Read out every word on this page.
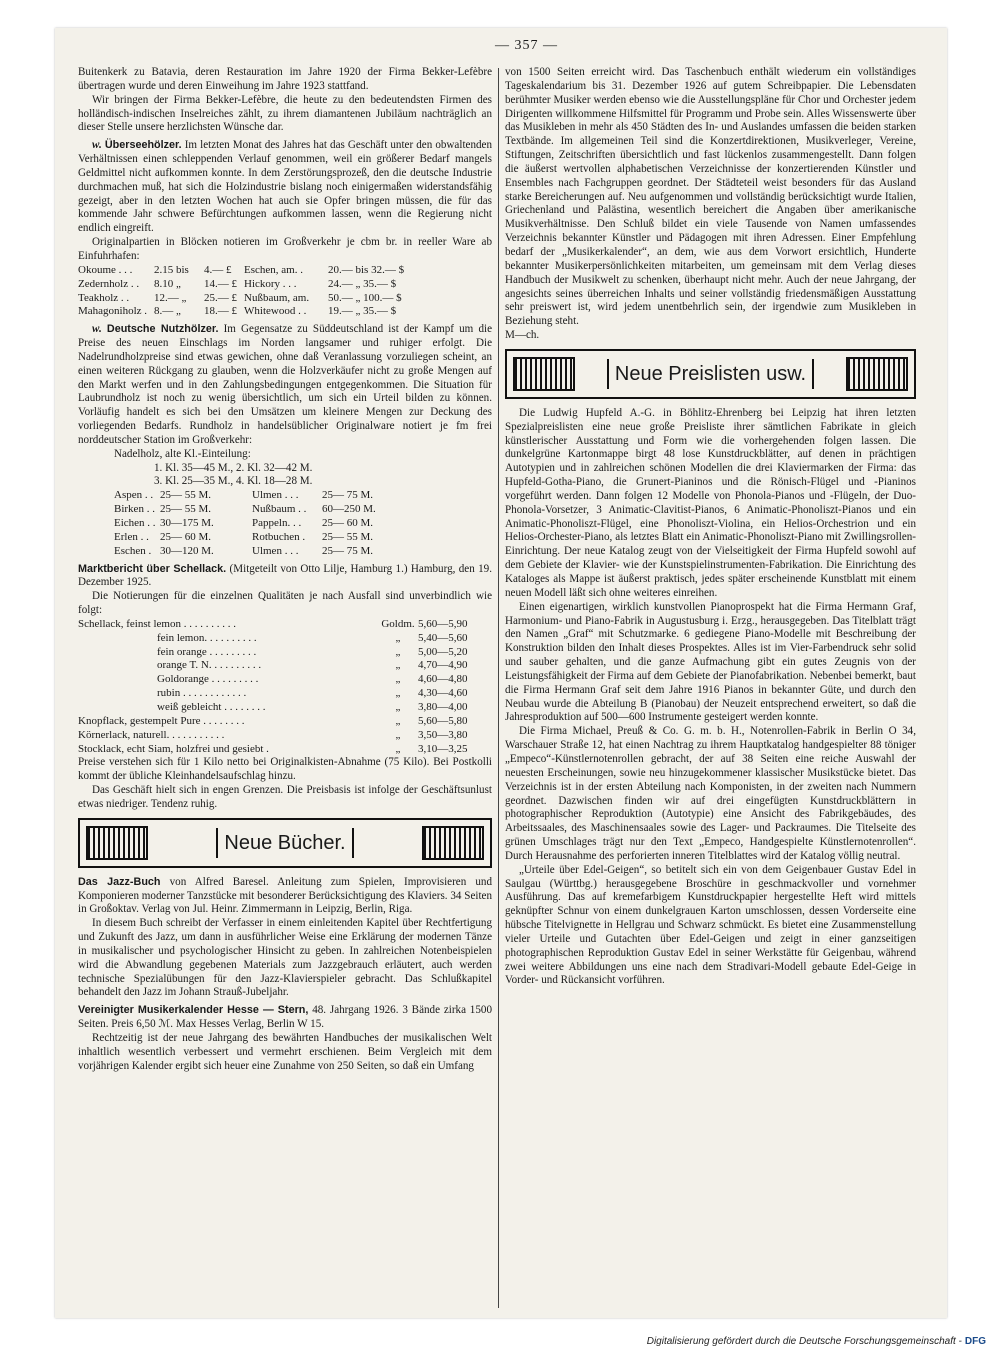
— 357 —

Buitenkerk zu Batavia, deren Restauration im Jahre 1920 der Firma Bekker-Lefèbre übertragen wurde und deren Einweihung im Jahre 1923 stattfand.

Wir bringen der Firma Bekker-Lefèbre, die heute zu den bedeutendsten Firmen des holländisch-indischen Inselreiches zählt, zu ihrem diamantenen Jubiläum nachträglich an dieser Stelle unsere herzlichsten Wünsche dar.

w. Überseehölzer. Im letzten Monat des Jahres hat das Geschäft unter den obwaltenden Verhältnissen einen schleppenden Verlauf genommen, weil ein größerer Bedarf mangels Geldmittel nicht aufkommen konnte. In dem Zerstörungsprozeß, den die deutsche Industrie durchmachen muß, hat sich die Holzindustrie bislang noch einigermaßen widerstandsfähig gezeigt, aber in den letzten Wochen hat auch sie Opfer bringen müssen, die für das kommende Jahr schwere Befürchtungen aufkommen lassen, wenn die Regierung nicht endlich eingreift.

Originalpartien in Blöcken notieren im Großverkehr je cbm br. in reeller Ware ab Einfuhrhafen:

Okoume . . . 2.15 bis 4.— £ Eschen, am. . 20.— bis 32.— $
Zedernholz . . 8.10 „ 14.— £ Hickory . . .	24.— „ 35.— $
Teakholz . . 12.— „ 25.— £ Nußbaum, am. 50.— „ 100.— $
Mahagoniholz . 8.— „ 18.— £ Whitewood . . 19.— „ 35.— $

w. Deutsche Nutzhölzer. Im Gegensatze zu Süddeutschland ist der Kampf um die Preise des neuen Einschlags im Norden langsamer und ruhiger erfolgt. Die Nadelrundholzpreise sind etwas gewichen, ohne daß Veranlassung vorzuliegen scheint, an einen weiteren Rückgang zu glauben, wenn die Holzverkäufer nicht zu große Mengen auf den Markt werfen und in den Zahlungsbedingungen entgegenkommen. Die Situation für Laubrundholz ist noch zu wenig übersichtlich, um sich ein Urteil bilden zu können. Vorläufig handelt es sich bei den Umsätzen um kleinere Mengen zur Deckung des vorliegenden Bedarfs. Rundholz in handelsüblicher Originalware notiert je fm frei norddeutscher Station im Großverkehr:

Nadelholz, alte Kl.-Einteilung:

1. Kl. 35—45 M., 2. Kl. 32—42 M.

3. Kl. 25—35 M., 4. Kl. 18—28 M.

Aspen . . 25— 55 M.	Ulmen . . . 25— 75 M.
Birken . . 25— 55 M.	Nußbaum . . 60—250 M.
Eichen . . 30—175 M.	Pappeln. . . 25— 60 M.
Erlen . . 25— 60 M.	Rotbuchen . 25— 55 M.
Eschen . 30—120 M.	Ulmen . . . 25— 75 M.

Marktbericht über Schellack. (Mitgeteilt von Otto Lilje, Hamburg 1.) Hamburg, den 19. Dezember 1925.

Die Notierungen für die einzelnen Qualitäten je nach Ausfall sind unverbindlich wie folgt:

Schellack, feinst lemon . . . . . . . . . .	Goldm. 5,60—5,90
fein lemon. . . . . . . . . .	„ 5,40—5,60
fein orange . . . . . . . . .	„ 5,00—5,20
orange T. N. . . . . . . . . .	„ 4,70—4,90
Goldorange . . . . . . . . .	„ 4,60—4,80
rubin . . . . . . . . . . . .	„ 4,30—4,60
weiß gebleicht . . . . . . . .	„ 3,80—4,00
Knopflack, gestempelt Pure . . . . . . . .	„ 5,60—5,80
Körnerlack, naturell. . . . . . . . . . .	„ 3,50—3,80
Stocklack, echt Siam, holzfrei und gesiebt .	„ 3,10—3,25

Preise verstehen sich für 1 Kilo netto bei Originalkisten-Abnahme (75 Kilo). Bei Postkolli kommt der übliche Kleinhandelsaufschlag hinzu.

Das Geschäft hielt sich in engen Grenzen. Die Preisbasis ist infolge der Geschäftsunlust etwas niedriger. Tendenz ruhig.

Neue Bücher.

Das Jazz-Buch von Alfred Baresel. Anleitung zum Spielen, Improvisieren und Komponieren moderner Tanzstücke mit besonderer Berücksichtigung des Klaviers. 34 Seiten in Großoktav. Verlag von Jul. Heinr. Zimmermann in Leipzig, Berlin, Riga.

In diesem Buch schreibt der Verfasser in einem einleitenden Kapitel über Rechtfertigung und Zukunft des Jazz, um dann in ausführlicher Weise eine Erklärung der modernen Tänze in musikalischer und psychologischer Hinsicht zu geben. In zahlreichen Notenbeispielen wird die Abwandlung gegebenen Materials zum Jazzgebrauch erläutert, auch werden technische Spezialübungen für den Jazz-Klavierspieler gebracht. Das Schlußkapitel behandelt den Jazz im Johann Strauß-Jubeljahr.

Vereinigter Musikerkalender Hesse — Stern, 48. Jahrgang 1926. 3 Bände zirka 1500 Seiten. Preis 6,50 ℳ. Max Hesses Verlag, Berlin W 15.

Rechtzeitig ist der neue Jahrgang des bewährten Handbuches der musikalischen Welt inhaltlich wesentlich verbessert und vermehrt erschienen. Beim Vergleich mit dem vorjährigen Kalender ergibt sich heuer eine Zunahme von 250 Seiten, so daß ein Umfang

von 1500 Seiten erreicht wird. Das Taschenbuch enthält wiederum ein vollständiges Tageskalendarium bis 31. Dezember 1926 auf gutem Schreibpapier. Die Lebensdaten berühmter Musiker werden ebenso wie die Ausstellungspläne für Chor und Orchester jedem Dirigenten willkommene Hilfsmittel für Programm und Probe sein. Alles Wissenswerte über das Musikleben in mehr als 450 Städten des In- und Auslandes umfassen die beiden starken Textbände. Im allgemeinen Teil sind die Konzertdirektionen, Musikverleger, Vereine, Stiftungen, Zeitschriften übersichtlich und fast lückenlos zusammengestellt. Dann folgen die äußerst wertvollen alphabetischen Verzeichnisse der konzertierenden Künstler und Ensembles nach Fachgruppen geordnet. Der Städteteil weist besonders für das Ausland starke Bereicherungen auf. Neu aufgenommen und vollständig berücksichtigt wurde Italien, Griechenland und Palästina, wesentlich bereichert die Angaben über amerikanische Musikverhältnisse. Den Schluß bildet ein viele Tausende von Namen umfassendes Verzeichnis bekannter Künstler und Pädagogen mit ihren Adressen. Einer Empfehlung bedarf der „Musikerkalender“, an dem, wie aus dem Vorwort ersichtlich, Hunderte bekannter Musikerpersönlichkeiten mitarbeiten, um gemeinsam mit dem Verlag dieses Handbuch der Musikwelt zu schenken, überhaupt nicht mehr. Auch der neue Jahrgang, der angesichts seines überreichen Inhalts und seiner vollständig friedensmäßigen Ausstattung sehr preiswert ist, wird jedem unentbehrlich sein, der irgendwie zum Musikleben in Beziehung steht.

M—ch.

Neue Preislisten usw.

Die Ludwig Hupfeld A.-G. in Böhlitz-Ehrenberg bei Leipzig hat ihren letzten Spezialpreislisten eine neue große Preisliste ihrer sämtlichen Fabrikate in gleich künstlerischer Ausstattung und Form wie die vorhergehenden folgen lassen. Die dunkelgrüne Kartonmappe birgt 48 lose Kunstdruckblätter, auf denen in prächtigen Autotypien und in zahlreichen schönen Modellen die drei Klaviermarken der Firma: das Hupfeld-Gotha-Piano, die Grunert-Pianinos und die Rönisch-Flügel und -Pianinos vorgeführt werden. Dann folgen 12 Modelle von Phonola-Pianos und -Flügeln, der Duo-Phonola-Vorsetzer, 3 Animatic-Clavitist-Pianos, 6 Animatic-Phonoliszt-Pianos und ein Animatic-Phonoliszt-Flügel, eine Phonoliszt-Violina, ein Helios-Orchestrion und ein Helios-Orchester-Piano, als letztes Blatt ein Animatic-Phonoliszt-Piano mit Zwillingsrollen-Einrichtung. Der neue Katalog zeugt von der Vielseitigkeit der Firma Hupfeld sowohl auf dem Gebiete der Klavier- wie der Kunstspielinstrumenten-Fabrikation. Die Einrichtung des Kataloges als Mappe ist äußerst praktisch, jedes später erscheinende Kunstblatt mit einem neuen Modell läßt sich ohne weiteres einreihen.

Einen eigenartigen, wirklich kunstvollen Pianoprospekt hat die Firma Hermann Graf, Harmonium- und Piano-Fabrik in Augustusburg i. Erzg., herausgegeben. Das Titelblatt trägt den Namen „Graf“ mit Schutzmarke. 6 gediegene Piano-Modelle mit Beschreibung der Konstruktion bilden den Inhalt dieses Prospektes. Alles ist im Vier-Farbendruck sehr solid und sauber gehalten, und die ganze Aufmachung gibt ein gutes Zeugnis von der Leistungsfähigkeit der Firma auf dem Gebiete der Pianofabrikation. Nebenbei bemerkt, baut die Firma Hermann Graf seit dem Jahre 1916 Pianos in bekannter Güte, und durch den Neubau wurde die Abteilung B (Pianobau) der Neuzeit entsprechend erweitert, so daß die Jahresproduktion auf 500—600 Instrumente gesteigert werden konnte.

Die Firma Michael, Preuß & Co. G. m. b. H., Notenrollen-Fabrik in Berlin O 34, Warschauer Straße 12, hat einen Nachtrag zu ihrem Hauptkatalog handgespielter 88 töniger „Empeco“-Künstlernotenrollen gebracht, der auf 38 Seiten eine reiche Auswahl der neuesten Erscheinungen, sowie neu hinzugekommener klassischer Musikstücke bietet. Das Verzeichnis ist in der ersten Abteilung nach Komponisten, in der zweiten nach Nummern geordnet. Dazwischen finden wir auf drei eingefügten Kunstdruckblättern in photographischer Reproduktion (Autotypie) eine Ansicht des Fabrikgebäudes, des Arbeitssaales, des Maschinensaales sowie des Lager- und Packraumes. Die Titelseite des grünen Umschlages trägt nur den Text „Empeco, Handgespielte Künstlernotenrollen“. Durch Herausnahme des perforierten inneren Titelblattes wird der Katalog völlig neutral.

„Urteile über Edel-Geigen“, so betitelt sich ein von dem Geigenbauer Gustav Edel in Saulgau (Württbg.) herausgegebene Broschüre in geschmackvoller und vornehmer Ausführung. Das auf kremefarbigem Kunstdruckpapier hergestellte Heft wird mittels geknüpfter Schnur von einem dunkelgrauen Karton umschlossen, dessen Vorderseite eine hübsche Titelvignette in Hellgrau und Schwarz schmückt. Es bietet eine Zusammenstellung vieler Urteile und Gutachten über Edel-Geigen und zeigt in einer ganzseitigen photographischen Reproduktion Gustav Edel in seiner Werkstätte für Geigenbau, während zwei weitere Abbildungen uns eine nach dem Stradivari-Modell gebaute Edel-Geige in Vorder- und Rückansicht vorführen.

Digitalisierung gefördert durch die Deutsche Forschungsgemeinschaft - DFG
